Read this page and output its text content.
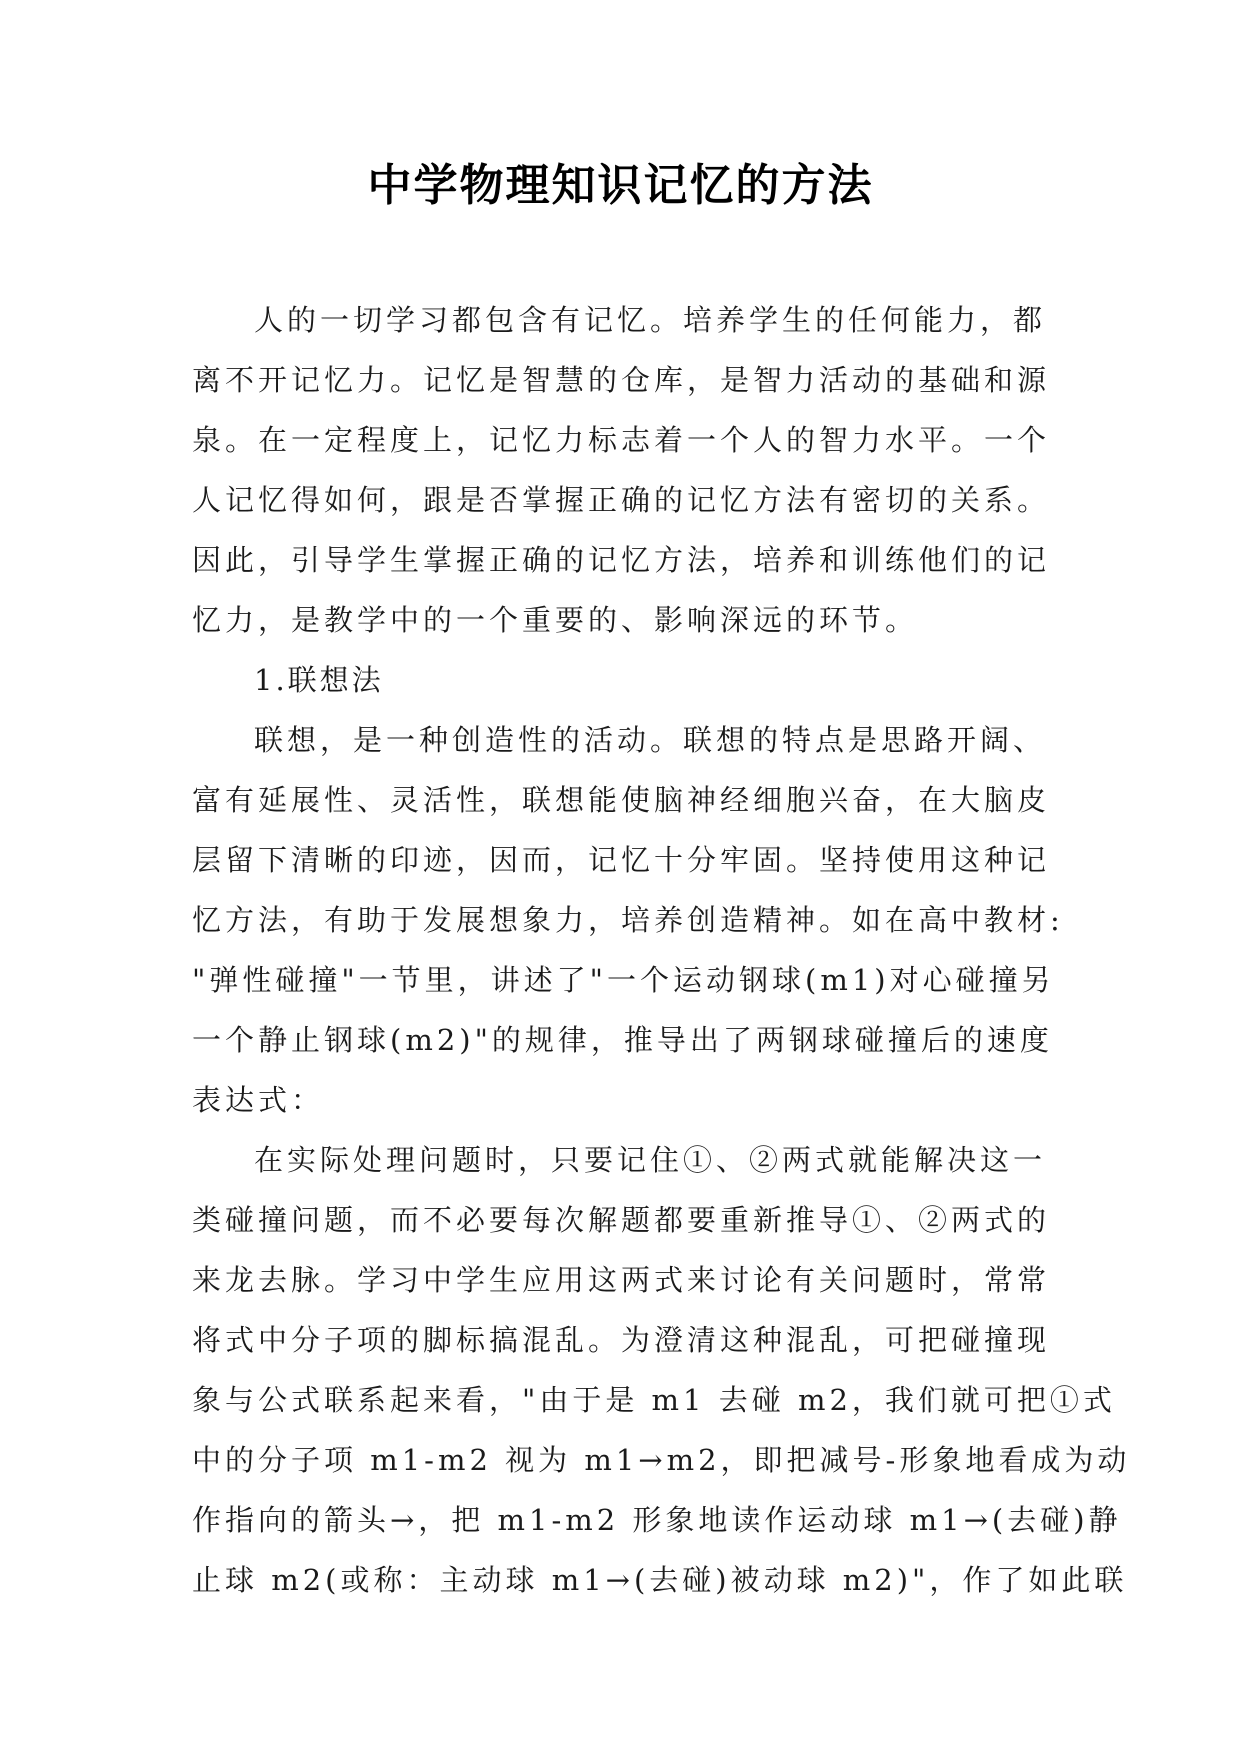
中学物理知识记忆的方法
人的一切学习都包含有记忆。培养学生的任何能力，都
离不开记忆力。记忆是智慧的仓库，是智力活动的基础和源
泉。在一定程度上，记忆力标志着一个人的智力水平。一个
人记忆得如何，跟是否掌握正确的记忆方法有密切的关系。
因此，引导学生掌握正确的记忆方法，培养和训练他们的记
忆力，是教学中的一个重要的、影响深远的环节。
1.联想法
联想，是一种创造性的活动。联想的特点是思路开阔、
富有延展性、灵活性，联想能使脑神经细胞兴奋，在大脑皮
层留下清晰的印迹，因而，记忆十分牢固。坚持使用这种记
忆方法，有助于发展想象力，培养创造精神。如在高中教材:
"弹性碰撞"一节里，讲述了"一个运动钢球(m1)对心碰撞另
一个静止钢球(m2)"的规律，推导出了两钢球碰撞后的速度
表达式：
在实际处理问题时，只要记住①、②两式就能解决这一
类碰撞问题，而不必要每次解题都要重新推导①、②两式的
来龙去脉。学习中学生应用这两式来讨论有关问题时，常常
将式中分子项的脚标搞混乱。为澄清这种混乱，可把碰撞现
象与公式联系起来看，"由于是 m1 去碰 m2，我们就可把①式
中的分子项 m1-m2 视为 m1→m2，即把减号-形象地看成为动
作指向的箭头→，把 m1-m2 形象地读作运动球 m1→(去碰)静
止球 m2(或称：主动球 m1→(去碰)被动球 m2)"，作了如此联
